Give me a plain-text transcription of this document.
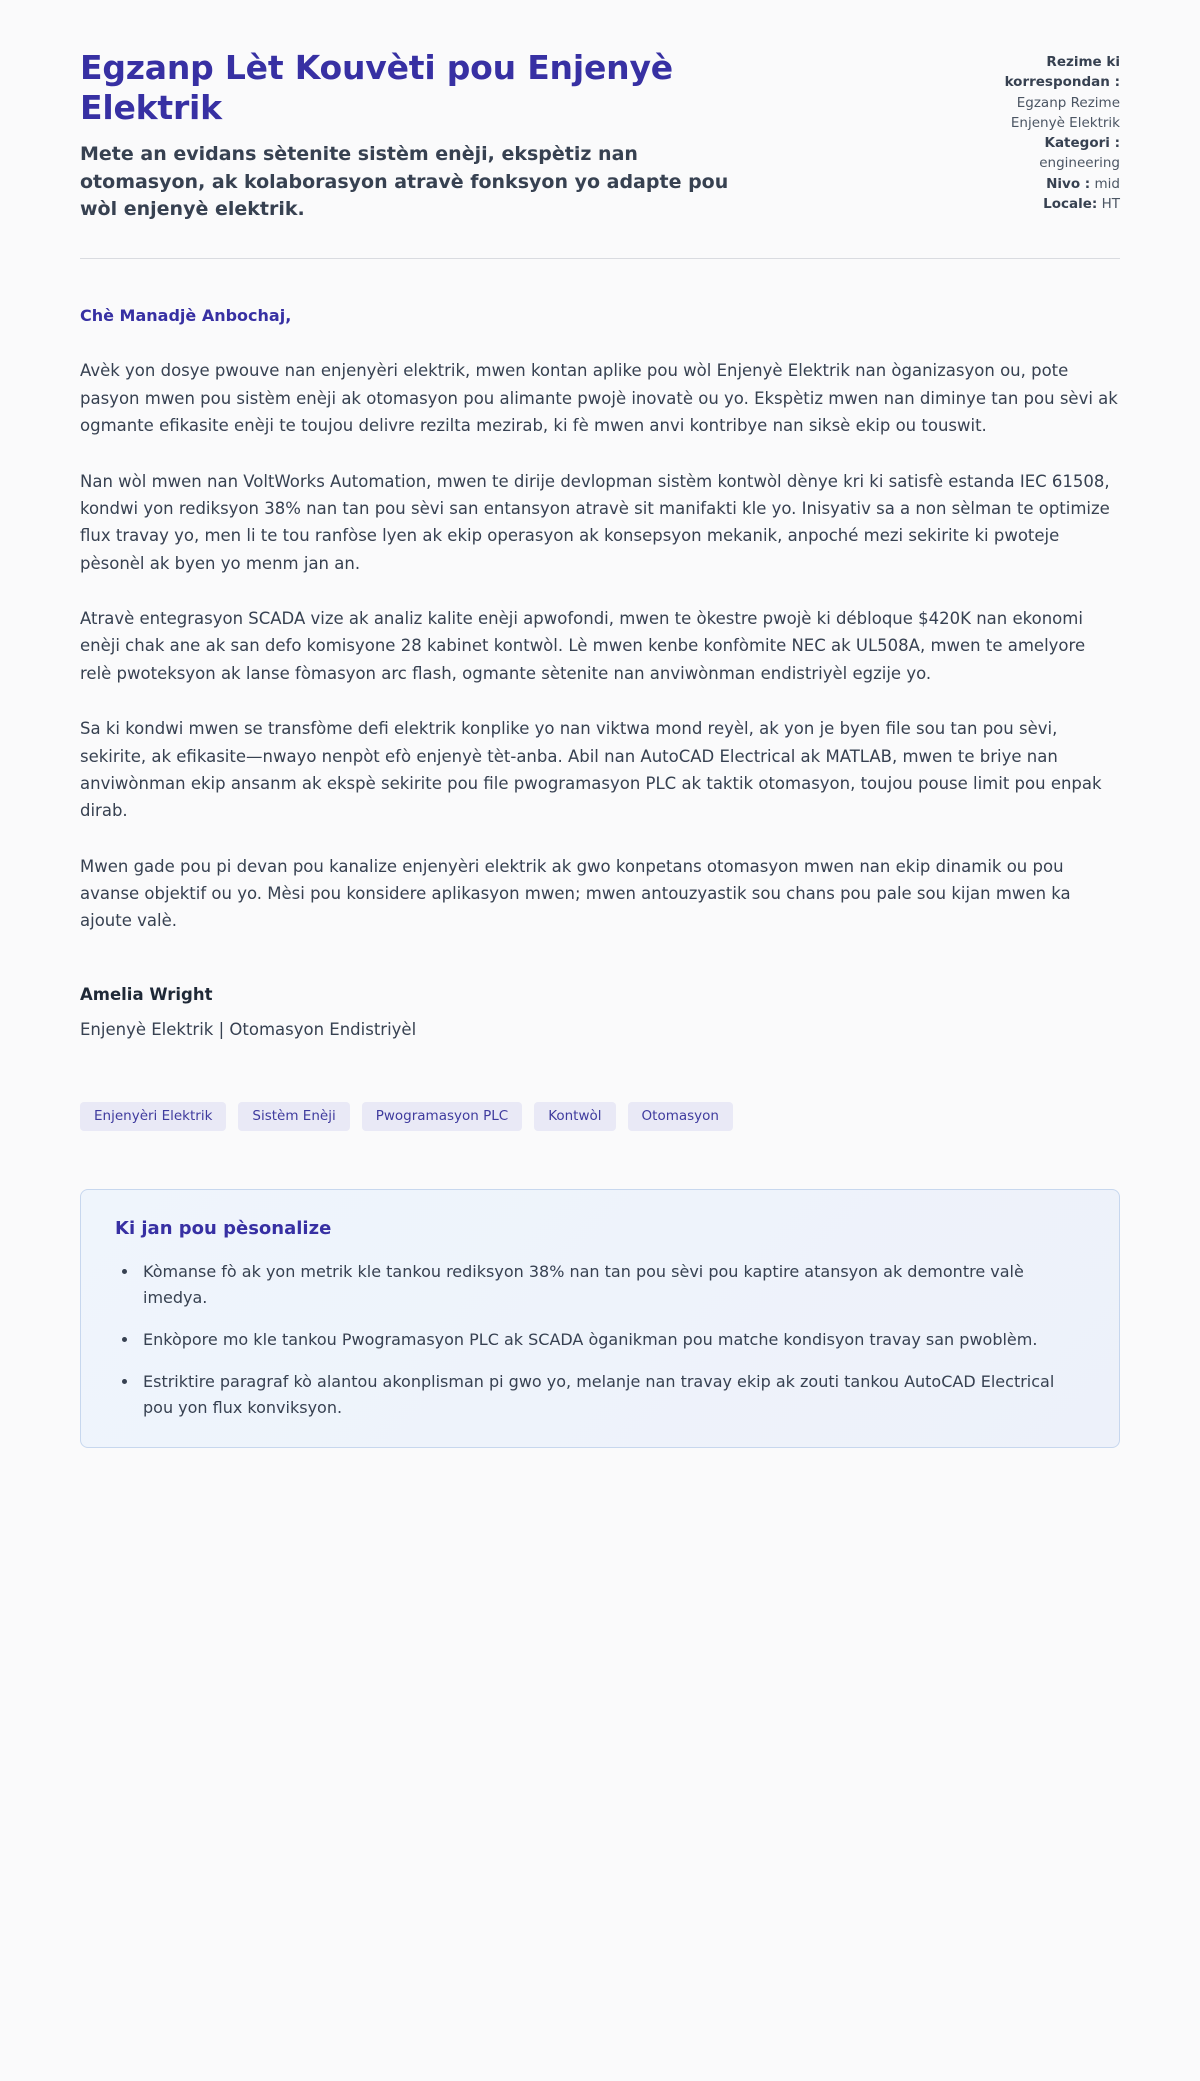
Egzanp Lèt Kouvèti pou Enjenyè Elektrik

Mete an evidans sètenite sistèm enèji, ekspètiz nan otomasyon, ak kolaborasyon atravè fonksyon yo adapte pou wòl enjenyè elektrik.

Rezime ki korrespondan : Egzanp Rezime Enjenyè Elektrik

Kategori : engineering

Nivo : mid

Locale: HT

Chè Manadjè Anbochaj,

Avèk yon dosye pwouve nan enjenyèri elektrik, mwen kontan aplike pou wòl Enjenyè Elektrik nan òganizasyon ou, pote pasyon mwen pou sistèm enèji ak otomasyon pou alimante pwojè inovatè ou yo. Ekspètiz mwen nan diminye tan pou sèvi ak ogmante efikasite enèji te toujou delivre rezilta mezirab, ki fè mwen anvi kontribye nan siksè ekip ou touswit.

Nan wòl mwen nan VoltWorks Automation, mwen te dirije devlopman sistèm kontwòl dènye kri ki satisfè estanda IEC 61508, kondwi yon rediksyon 38% nan tan pou sèvi san entansyon atravè sit manifakti kle yo. Inisyativ sa a non sèlman te optimize flux travay yo, men li te tou ranfòse lyen ak ekip operasyon ak konsepsyon mekanik, anpoché mezi sekirite ki pwoteje pèsonèl ak byen yo menm jan an.

Atravè entegrasyon SCADA vize ak analiz kalite enèji apwofondi, mwen te òkestre pwojè ki débloque $420K nan ekonomi enèji chak ane ak san defo komisyone 28 kabinet kontwòl. Lè mwen kenbe konfòmite NEC ak UL508A, mwen te amelyore relè pwoteksyon ak lanse fòmasyon arc flash, ogmante sètenite nan anviwònman endistriyèl egzije yo.

Sa ki kondwi mwen se transfòme defi elektrik konplike yo nan viktwa mond reyèl, ak yon je byen file sou tan pou sèvi, sekirite, ak efikasite—nwayo nenpòt efò enjenyè tèt-anba. Abil nan AutoCAD Electrical ak MATLAB, mwen te briye nan anviwònman ekip ansanm ak ekspè sekirite pou file pwogramasyon PLC ak taktik otomasyon, toujou pouse limit pou enpak dirab.

Mwen gade pou pi devan pou kanalize enjenyèri elektrik ak gwo konpetans otomasyon mwen nan ekip dinamik ou pou avanse objektif ou yo. Mèsi pou konsidere aplikasyon mwen; mwen antouzyastik sou chans pou pale sou kijan mwen ka ajoute valè.

Amelia Wright
Enjenyè Elektrik | Otomasyon Endistriyèl
Enjenyèri Elektrik	Sistèm Enèji	Pwogramasyon PLC	Kontwòl	Otomasyon
Ki jan pou pèsonalize
• Kòmanse fò ak yon metrik kle tankou rediksyon 38% nan tan pou sèvi pou kaptire atansyon ak demontre valè imedya.
• Enkòpore mo kle tankou Pwogramasyon PLC ak SCADA òganikman pou matche kondisyon travay san pwoblèm.
• Estriktire paragraf kò alantou akonplisman pi gwo yo, melanje nan travay ekip ak zouti tankou AutoCAD Electrical pou yon flux konviksyon.
